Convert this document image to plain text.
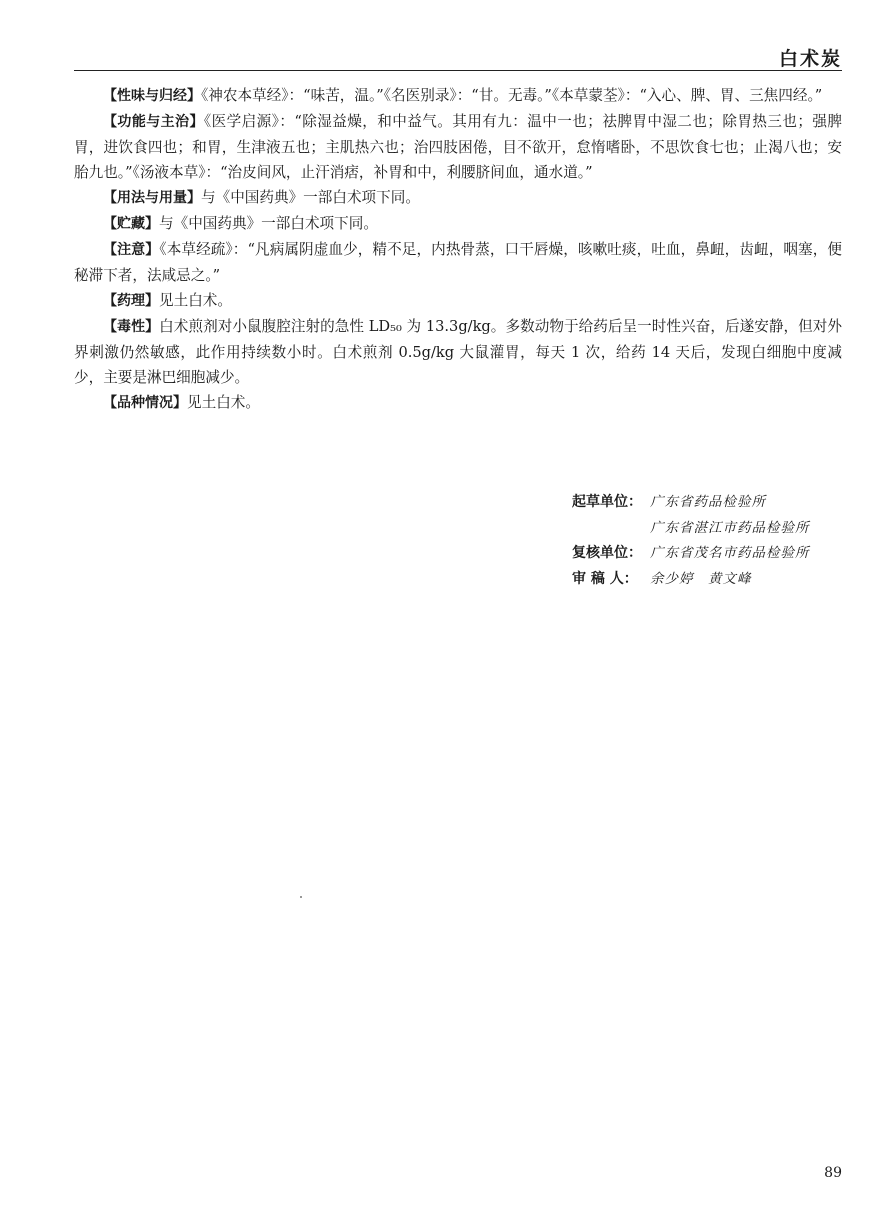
白术炭

【性味与归经】《神农本草经》：“味苦，温。”《名医别录》：“甘。无毒。”《本草蒙荃》：“入心、脾、胃、三焦四经。”

【功能与主治】《医学启源》：“除湿益燥，和中益气。其用有九：温中一也；祛脾胃中湿二也；除胃热三也；强脾胃，进饮食四也；和胃，生津液五也；主肌热六也；治四肢困倦，目不欲开，怠惰嗜卧，不思饮食七也；止渴八也；安胎九也。”《汤液本草》：“治皮间风，止汗消痞，补胃和中，利腰脐间血，通水道。”

【用法与用量】与《中国药典》一部白术项下同。

【贮藏】与《中国药典》一部白术项下同。

【注意】《本草经疏》：“凡病属阴虚血少，精不足，内热骨蒸，口干唇燥，咳嗽吐痰，吐血，鼻衄，齿衄，咽塞，便秘滞下者，法咸忌之。”

【药理】见土白术。

【毒性】白术煎剂对小鼠腹腔注射的急性 LD₅₀ 为 13.3g/kg。多数动物于给药后呈一时性兴奋，后遂安静，但对外界刺激仍然敏感，此作用持续数小时。白术煎剂 0.5g/kg 大鼠灌胃，每天 1 次，给药 14 天后，发现白细胞中度减少，主要是淋巴细胞减少。

【品种情况】见土白术。

起草单位： 广东省药品检验所
广东省湛江市药品检验所
复核单位： 广东省茂名市药品检验所
审 稿 人： 余少婷　黄文峰
89
